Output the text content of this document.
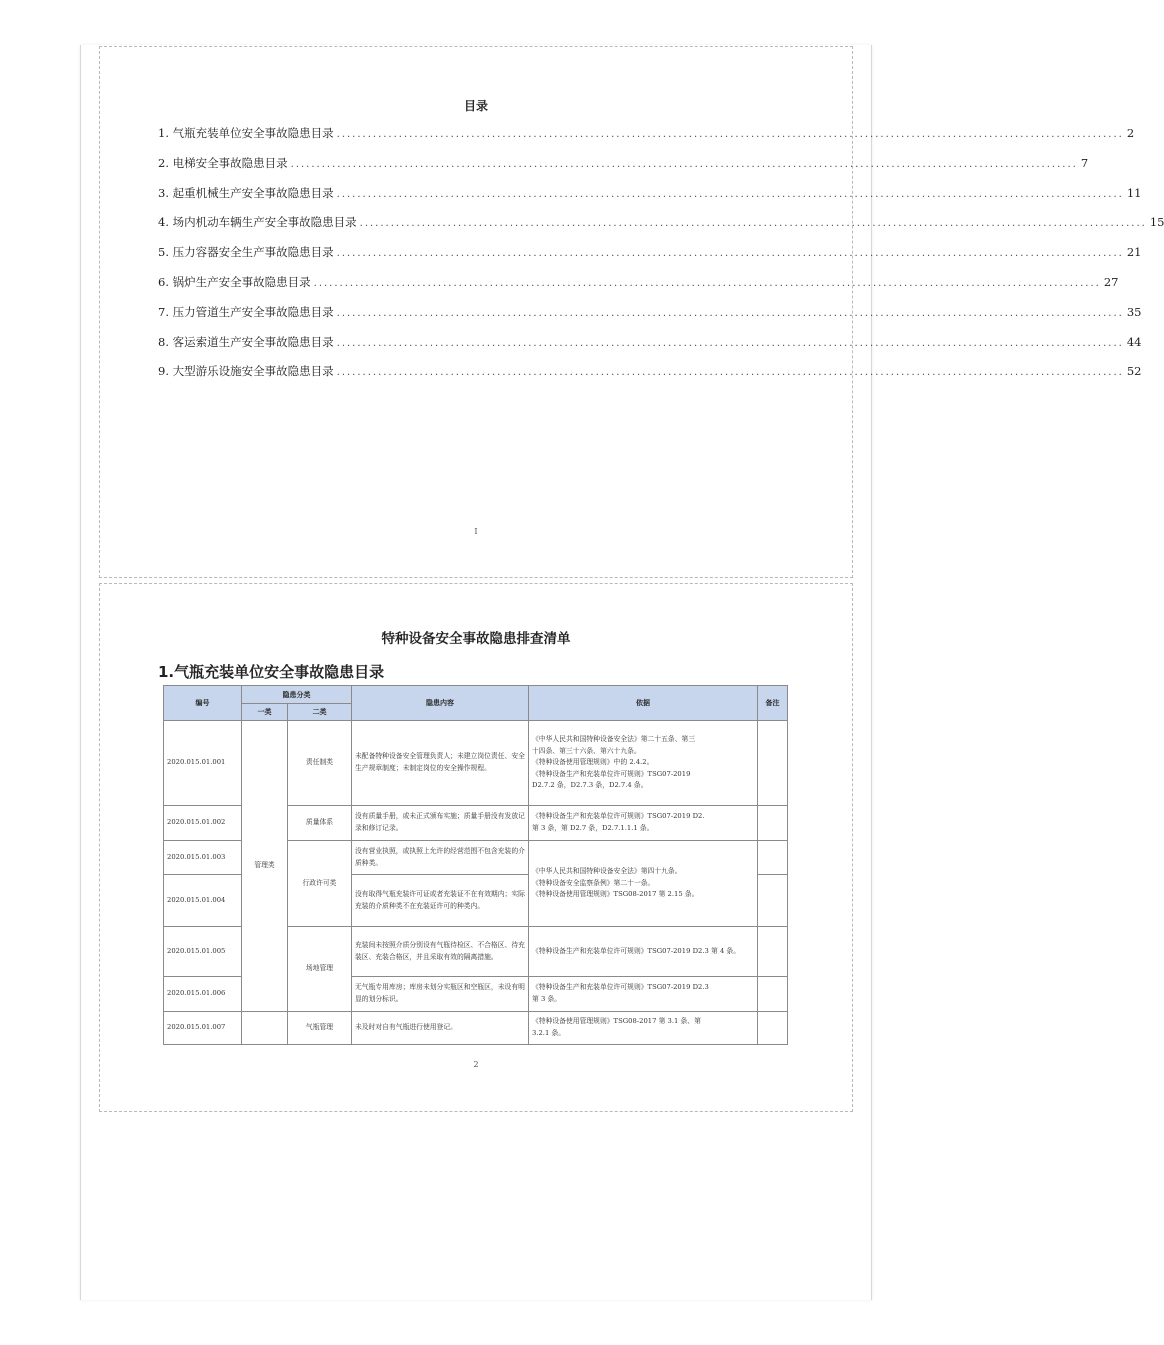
目录
1. 气瓶充装单位安全事故隐患目录 ........................................................................................................................................................ 2
2. 电梯安全事故隐患目录 ........................................................................................................................................................ 7
3. 起重机械生产安全事故隐患目录 ........................................................................................................................................................ 11
4. 场内机动车辆生产安全事故隐患目录 ........................................................................................................................................................ 15
5. 压力容器安全生产事故隐患目录 ........................................................................................................................................................ 21
6. 锅炉生产安全事故隐患目录 ........................................................................................................................................................ 27
7. 压力管道生产安全事故隐患目录 ........................................................................................................................................................ 35
8. 客运索道生产安全事故隐患目录 ........................................................................................................................................................ 44
9. 大型游乐设施安全事故隐患目录 ........................................................................................................................................................ 52
I
特种设备安全事故隐患排查清单
1.气瓶充装单位安全事故隐患目录
编号	隐患分类		隐患内容	依据	备注
	一类	二类			
2020.015.01.001	管理类	责任制类	未配备特种设备安全管理负责人；未建立岗位责任、安全生产规章制度；未制定岗位的安全操作规程。	《中华人民共和国特种设备安全法》第二十五条、第三
十四条、第三十六条、第六十九条。
《特种设备使用管理规则》中的 2.4.2。
《特种设备生产和充装单位许可规则》TSG07-2019
D2.7.2 条，D2.7.3 条，D2.7.4 条。	

2020.015.01.002		质量体系	没有质量手册，或未正式颁布实施；质量手册没有发放记录和修订记录。	《特种设备生产和充装单位许可规则》TSG07-2019 D2.
第 3 条，第 D2.7 条，D2.7.1.1.1 条。	

2020.015.01.003		行政许可类	没有营业执照，或执照上允许的经营范围不包含充装的介质种类。	《中华人民共和国特种设备安全法》第四十九条。
《特种设备安全监察条例》第二十一条。
《特种设备使用管理规则》TSG08-2017 第 2.15 条。	

2020.015.01.004			没有取得气瓶充装许可证或者充装证不在有效期内；实际充装的介质种类不在充装证许可的种类内。		
2020.015.01.005		场地管理	充装间未按照介质分别设有气瓶待检区、不合格区、待充装区、充装合格区，并且采取有效的隔离措施。	《特种设备生产和充装单位许可规则》TSG07-2019 D2.3 第 4 条。	
2020.015.01.006			无气瓶专用库房；库房未划分实瓶区和空瓶区，未设有明显的划分标识。	《特种设备生产和充装单位许可规则》TSG07-2019 D2.3
第 3 条。	

2020.015.01.007		气瓶管理	未及时对自有气瓶进行使用登记。	《特种设备使用管理规则》TSG08-2017 第 3.1 条、第
3.2.1 条。	

2
